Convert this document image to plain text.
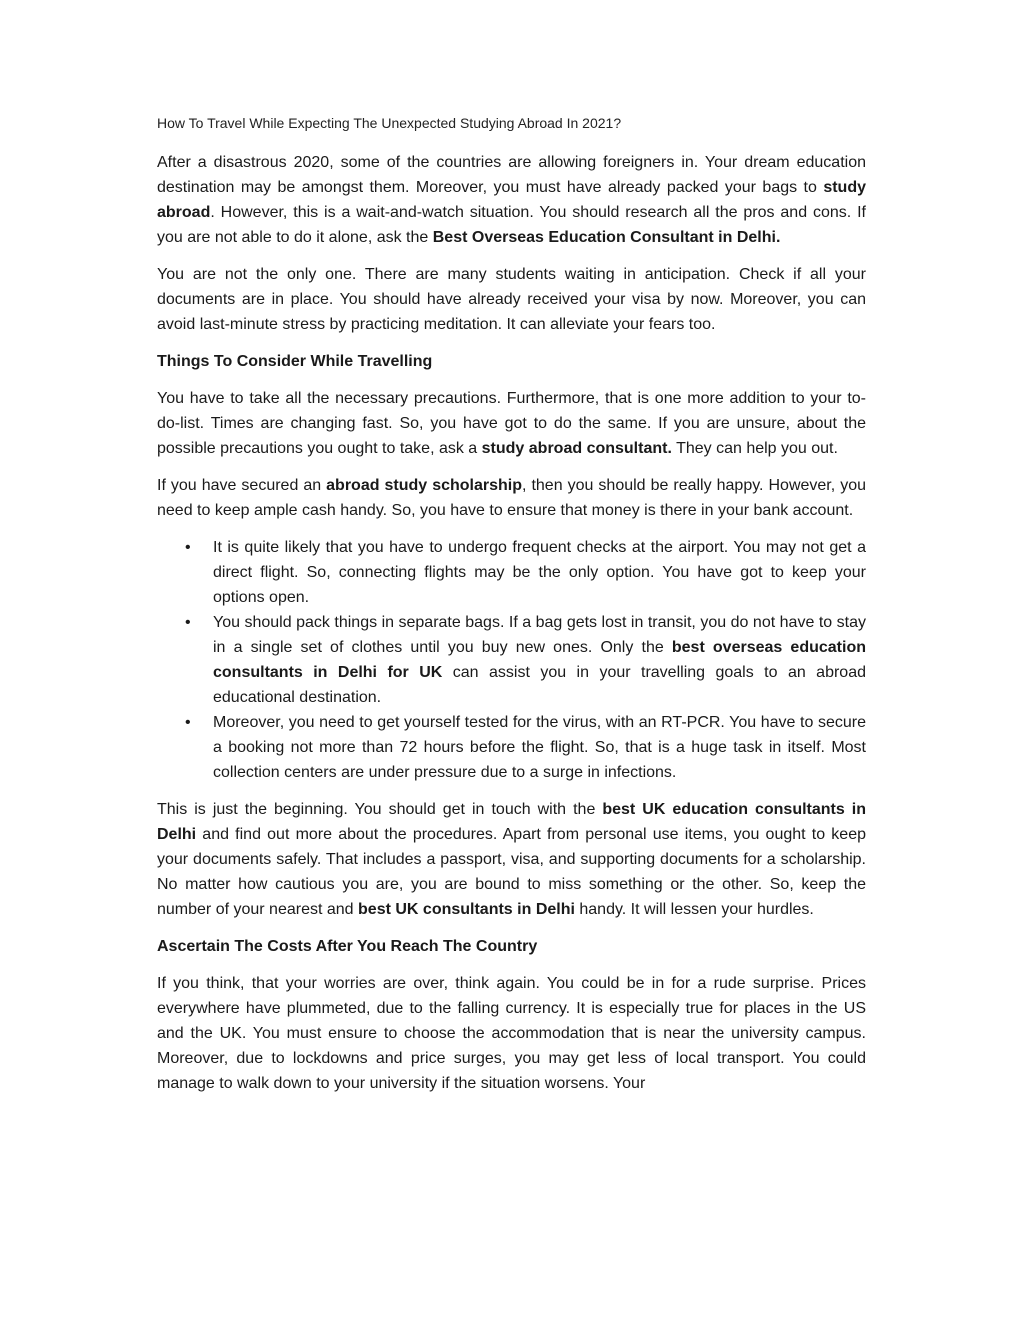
How To Travel While Expecting The Unexpected Studying Abroad In 2021?

After a disastrous 2020, some of the countries are allowing foreigners in. Your dream education destination may be amongst them. Moreover, you must have already packed your bags to study abroad. However, this is a wait-and-watch situation. You should research all the pros and cons. If you are not able to do it alone, ask the Best Overseas Education Consultant in Delhi.

You are not the only one. There are many students waiting in anticipation. Check if all your documents are in place. You should have already received your visa by now. Moreover, you can avoid last-minute stress by practicing meditation. It can alleviate your fears too.

Things To Consider While Travelling

You have to take all the necessary precautions. Furthermore, that is one more addition to your to-do-list. Times are changing fast. So, you have got to do the same. If you are unsure, about the possible precautions you ought to take, ask a study abroad consultant. They can help you out.

If you have secured an abroad study scholarship, then you should be really happy. However, you need to keep ample cash handy. So, you have to ensure that money is there in your bank account.

• It is quite likely that you have to undergo frequent checks at the airport. You may not get a direct flight. So, connecting flights may be the only option. You have got to keep your options open.
• You should pack things in separate bags. If a bag gets lost in transit, you do not have to stay in a single set of clothes until you buy new ones. Only the best overseas education consultants in Delhi for UK can assist you in your travelling goals to an abroad educational destination.
• Moreover, you need to get yourself tested for the virus, with an RT-PCR. You have to secure a booking not more than 72 hours before the flight. So, that is a huge task in itself. Most collection centers are under pressure due to a surge in infections.

This is just the beginning. You should get in touch with the best UK education consultants in Delhi and find out more about the procedures. Apart from personal use items, you ought to keep your documents safely. That includes a passport, visa, and supporting documents for a scholarship. No matter how cautious you are, you are bound to miss something or the other. So, keep the number of your nearest and best UK consultants in Delhi handy. It will lessen your hurdles.

Ascertain The Costs After You Reach The Country

If you think, that your worries are over, think again. You could be in for a rude surprise. Prices everywhere have plummeted, due to the falling currency. It is especially true for places in the US and the UK. You must ensure to choose the accommodation that is near the university campus. Moreover, due to lockdowns and price surges, you may get less of local transport. You could manage to walk down to your university if the situation worsens. Your
